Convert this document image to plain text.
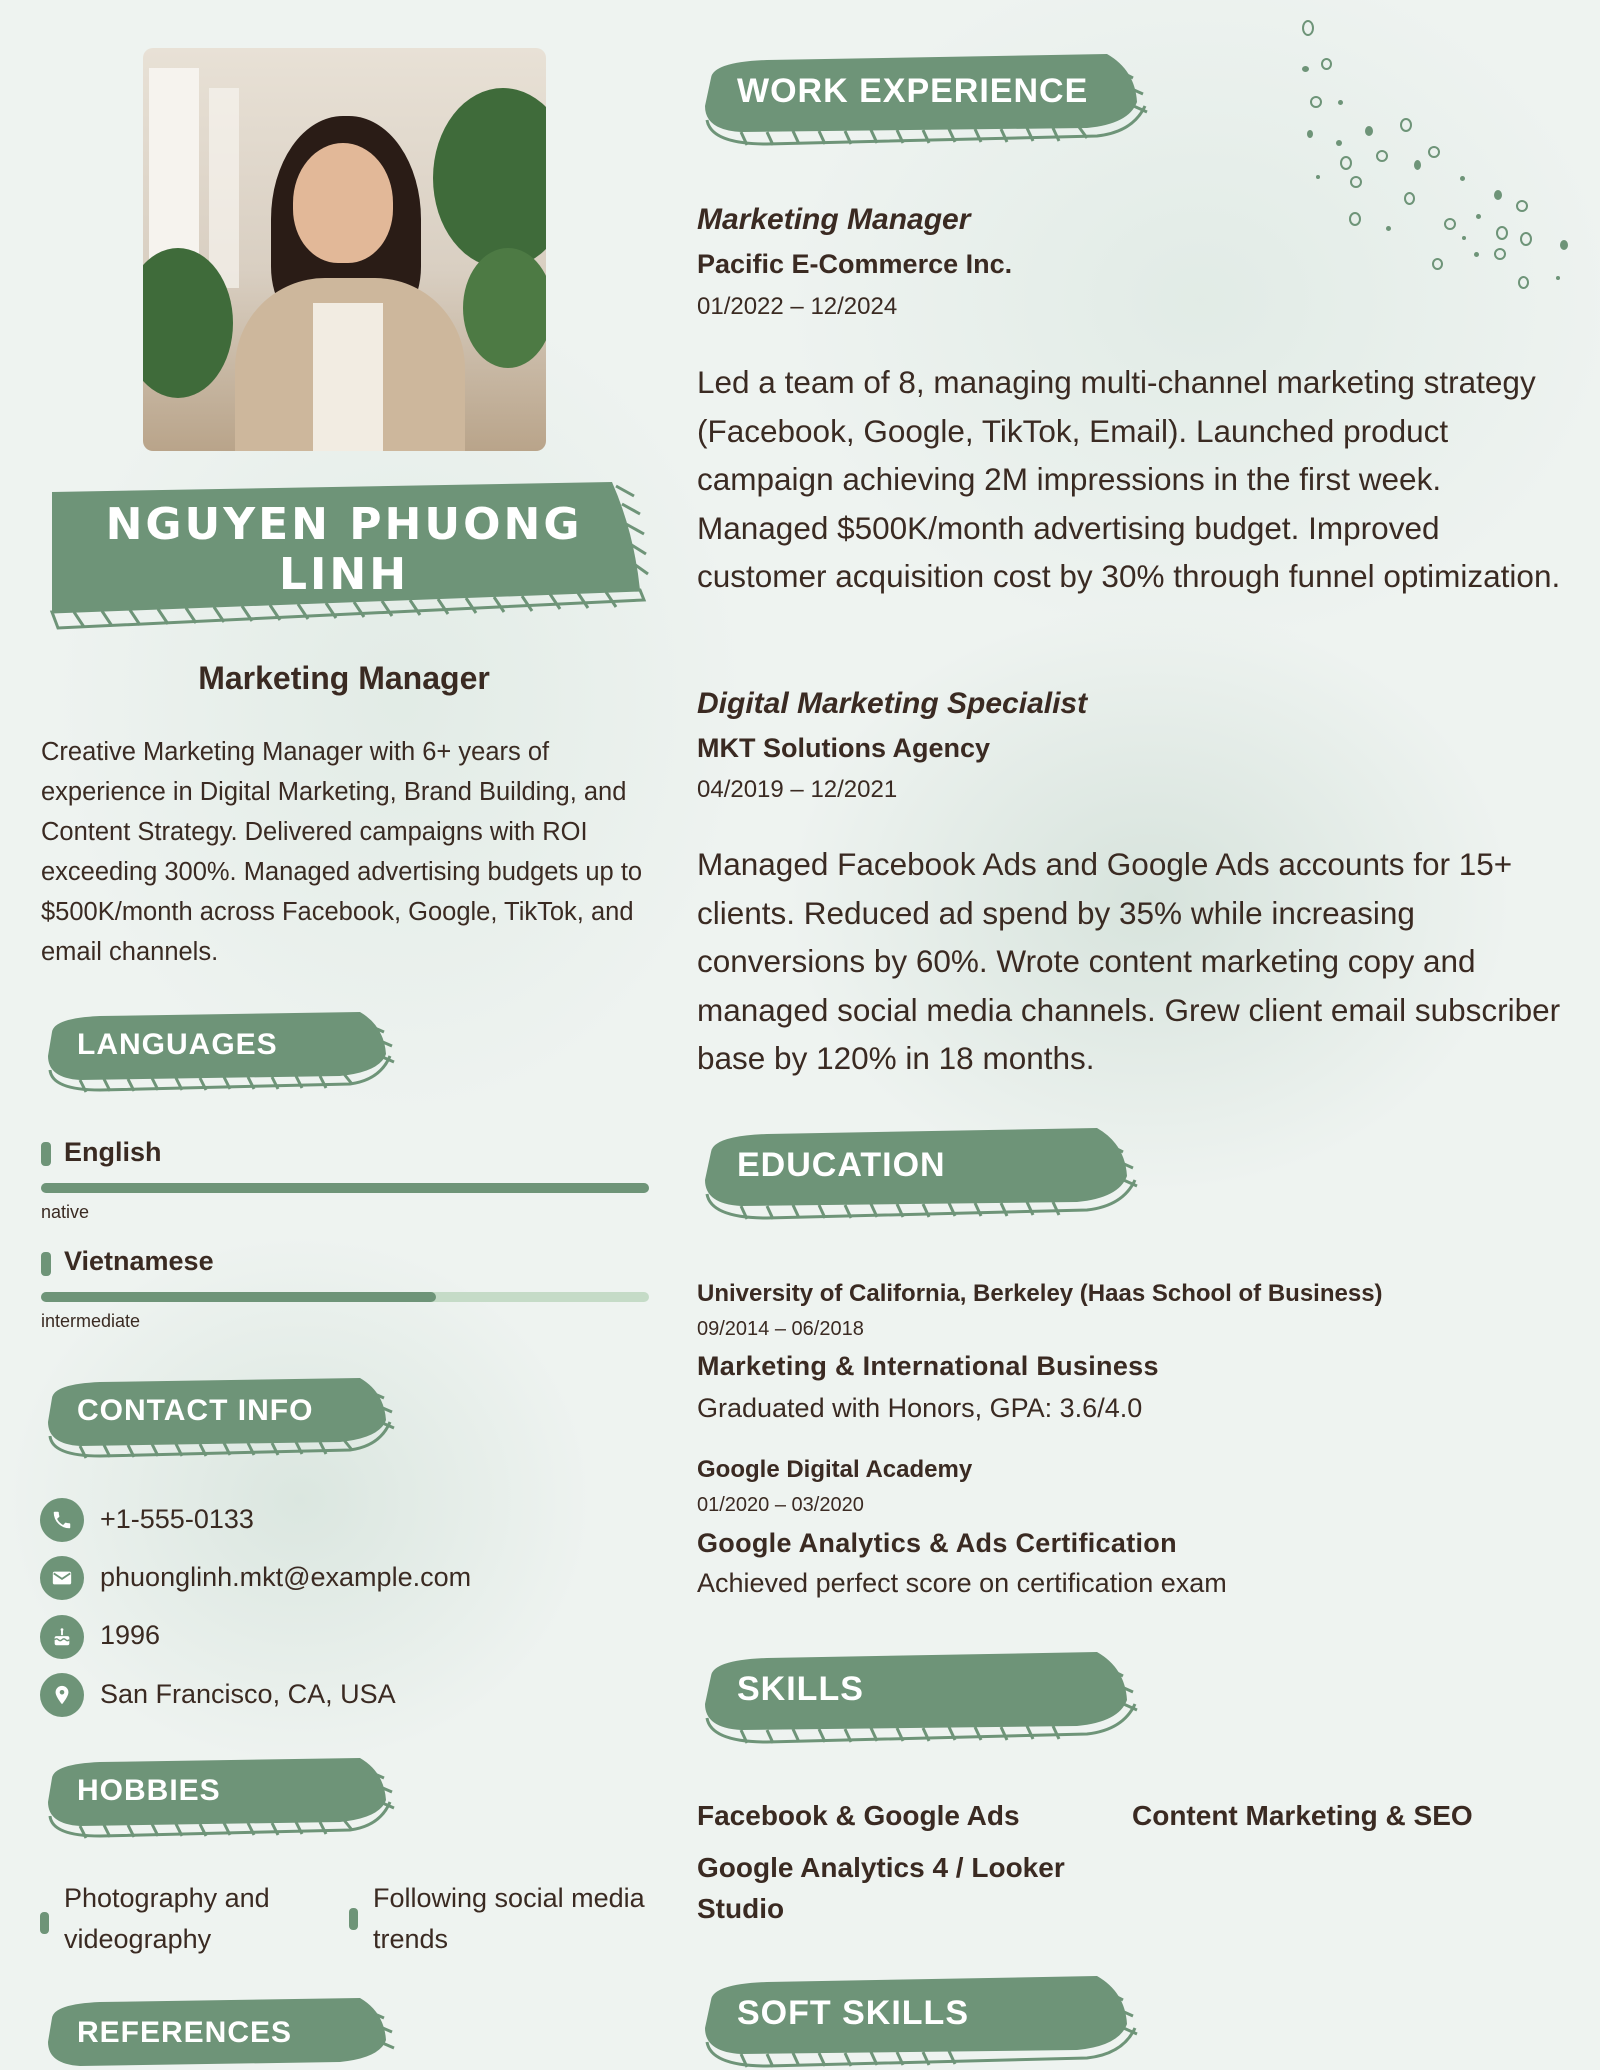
NGUYEN PHUONG LINH
Marketing Manager
Creative Marketing Manager with 6+ years of experience in Digital Marketing, Brand Building, and Content Strategy. Delivered campaigns with ROI exceeding 300%. Managed advertising budgets up to $500K/month across Facebook, Google, TikTok, and email channels.
LANGUAGES
English
native
Vietnamese
intermediate
CONTACT INFO
+1-555-0133
phuonglinh.mkt@example.com
1996
San Francisco, CA, USA
HOBBIES
Photography and videography
Following social media trends
REFERENCES
WORK EXPERIENCE
Marketing Manager
Pacific E-Commerce Inc.
01/2022 – 12/2024
Led a team of 8, managing multi-channel marketing strategy (Facebook, Google, TikTok, Email). Launched product campaign achieving 2M impressions in the first week. Managed $500K/month advertising budget. Improved customer acquisition cost by 30% through funnel optimization.
Digital Marketing Specialist
MKT Solutions Agency
04/2019 – 12/2021
Managed Facebook Ads and Google Ads accounts for 15+ clients. Reduced ad spend by 35% while increasing conversions by 60%. Wrote content marketing copy and managed social media channels. Grew client email subscriber base by 120% in 18 months.
EDUCATION
University of California, Berkeley (Haas School of Business)
09/2014 – 06/2018
Marketing & International Business
Graduated with Honors, GPA: 3.6/4.0
Google Digital Academy
01/2020 – 03/2020
Google Analytics & Ads Certification
Achieved perfect score on certification exam
SKILLS
Facebook & Google Ads	Content Marketing & SEO
Google Analytics 4 / Looker Studio
SOFT SKILLS
